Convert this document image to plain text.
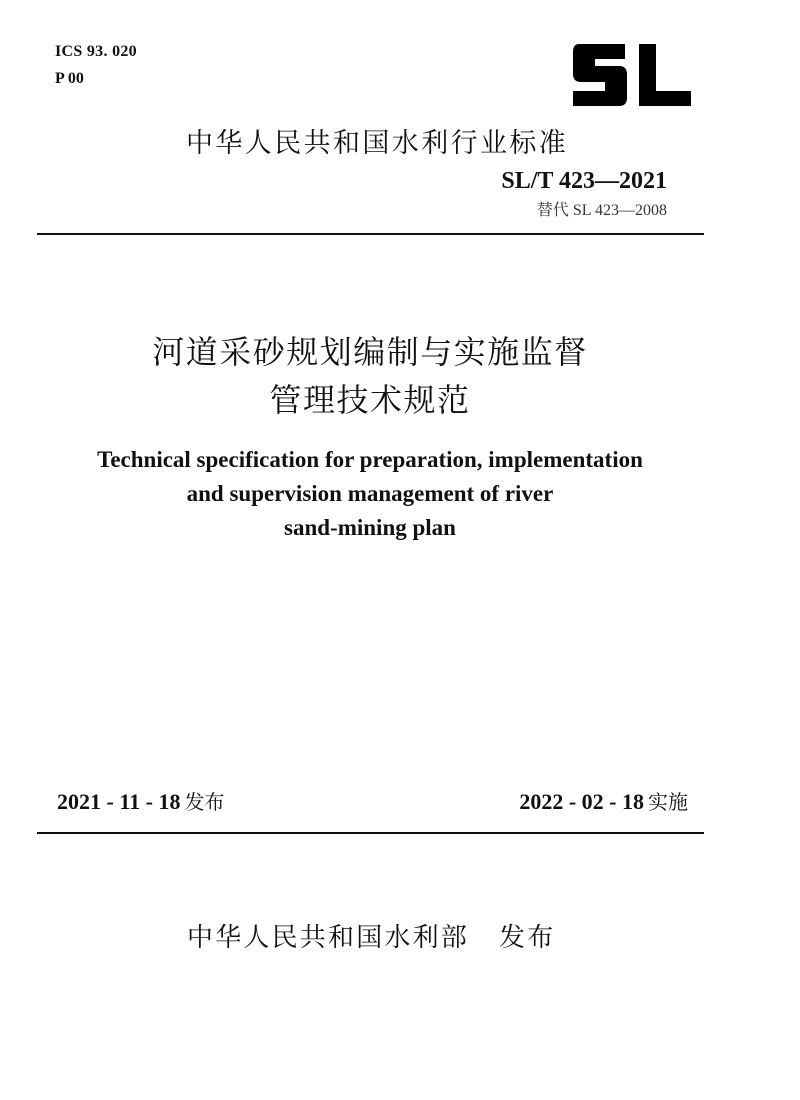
ICS 93. 020
P 00
中华人民共和国水利行业标准
SL/T 423—2021
替代 SL 423—2008
河道采砂规划编制与实施监督
管理技术规范
Technical specification for preparation, implementation
and supervision management of river
sand-mining plan
2021 - 11 - 18 发布	2022 - 02 - 18 实施
中华人民共和国水利部 发布
